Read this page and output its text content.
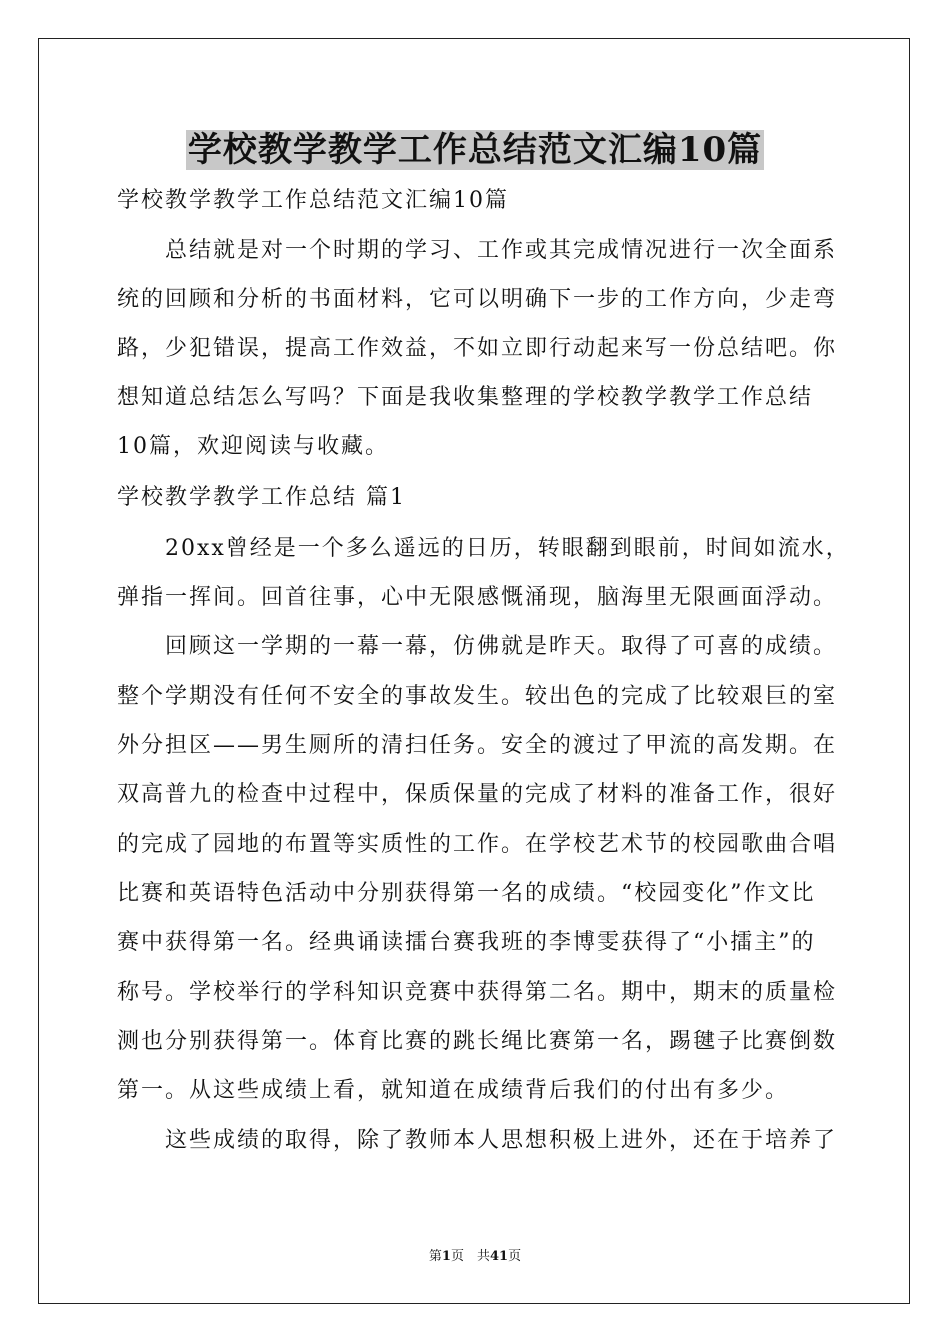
学校教学教学工作总结范文汇编10篇
学校教学教学工作总结范文汇编10篇
　　总结就是对一个时期的学习、工作或其完成情况进行一次全面系
统的回顾和分析的书面材料，它可以明确下一步的工作方向，少走弯
路，少犯错误，提高工作效益，不如立即行动起来写一份总结吧。你
想知道总结怎么写吗？下面是我收集整理的学校教学教学工作总结
10篇，欢迎阅读与收藏。
学校教学教学工作总结 篇1
　　20xx曾经是一个多么遥远的日历，转眼翻到眼前，时间如流水，
弹指一挥间。回首往事，心中无限感慨涌现，脑海里无限画面浮动。
　　回顾这一学期的一幕一幕，仿佛就是昨天。取得了可喜的成绩。
整个学期没有任何不安全的事故发生。较出色的完成了比较艰巨的室
外分担区——男生厕所的清扫任务。安全的渡过了甲流的高发期。在
双高普九的检查中过程中，保质保量的完成了材料的准备工作，很好
的完成了园地的布置等实质性的工作。在学校艺术节的校园歌曲合唱
比赛和英语特色活动中分别获得第一名的成绩。“校园变化”作文比
赛中获得第一名。经典诵读擂台赛我班的李博雯获得了“小擂主”的
称号。学校举行的学科知识竞赛中获得第二名。期中，期末的质量检
测也分别获得第一。体育比赛的跳长绳比赛第一名，踢毽子比赛倒数
第一。从这些成绩上看，就知道在成绩背后我们的付出有多少。
　　这些成绩的取得，除了教师本人思想积极上进外，还在于培养了
第1页　共41页
